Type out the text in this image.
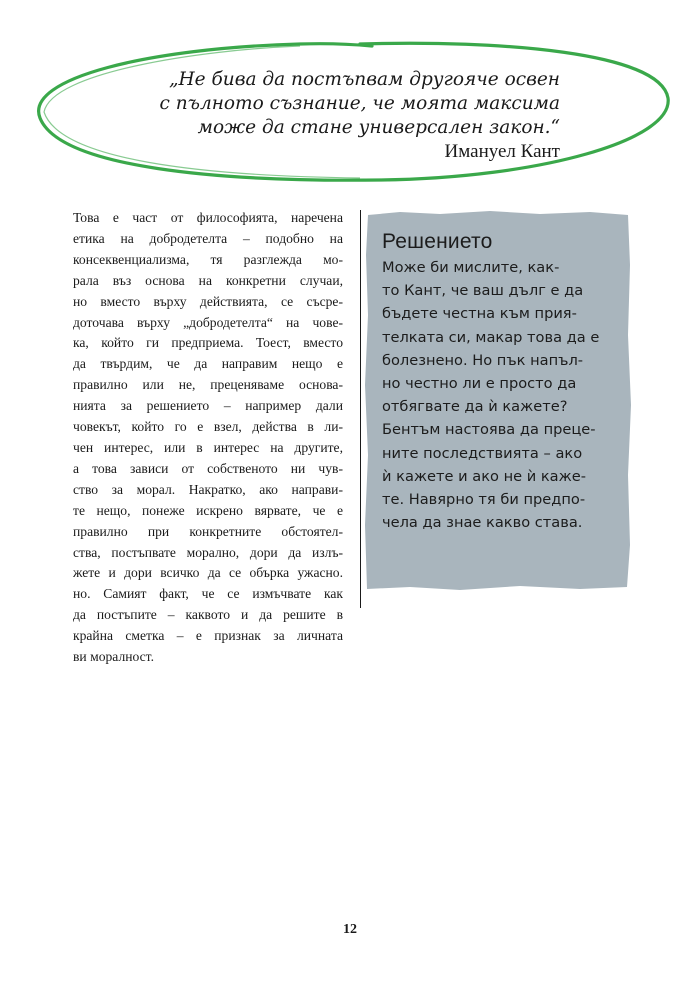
„Не бива да постъпвам другояче освен
с пълното съзнание, че моята максима
може да стане универсален закон.“
Имануел Кант
Това е част от философията, наречена
етика на добродетелта – подобно на
консеквенциализма, тя разглежда мо-
рала въз основа на конкретни случаи,
но вместо върху действията, се съсре-
доточава върху „добродетелта“ на чове-
ка, който ги предприема. Тоест, вместо
да твърдим, че да направим нещо е
правилно или не, преценяваме основа-
нията за решението – например дали
човекът, който го е взел, действа в ли-
чен интерес, или в интерес на другите,
а това зависи от собственото ни чув-
ство за морал. Накратко, ако направи-
те нещо, понеже искрено вярвате, че е
правилно при конкретните обстоятел-
ства, постъпвате морално, дори да излъ-
жете и дори всичко да се обърка ужасно.
но. Самият факт, че се измъчвате как
да постъпите – каквото и да решите в
крайна сметка – е признак за личната
ви моралност.
Решението
Може би мислите, как-
то Кант, че ваш дълг е да
бъдете честна към прия-
телката си, макар това да е
болезнено. Но пък напъл-
но честно ли е просто да
отбягвате да ѝ кажете?
Бентъм настоява да преце-
ните последствията – ако
ѝ кажете и ако не ѝ каже-
те. Навярно тя би предпо-
чела да знае какво става.
12
